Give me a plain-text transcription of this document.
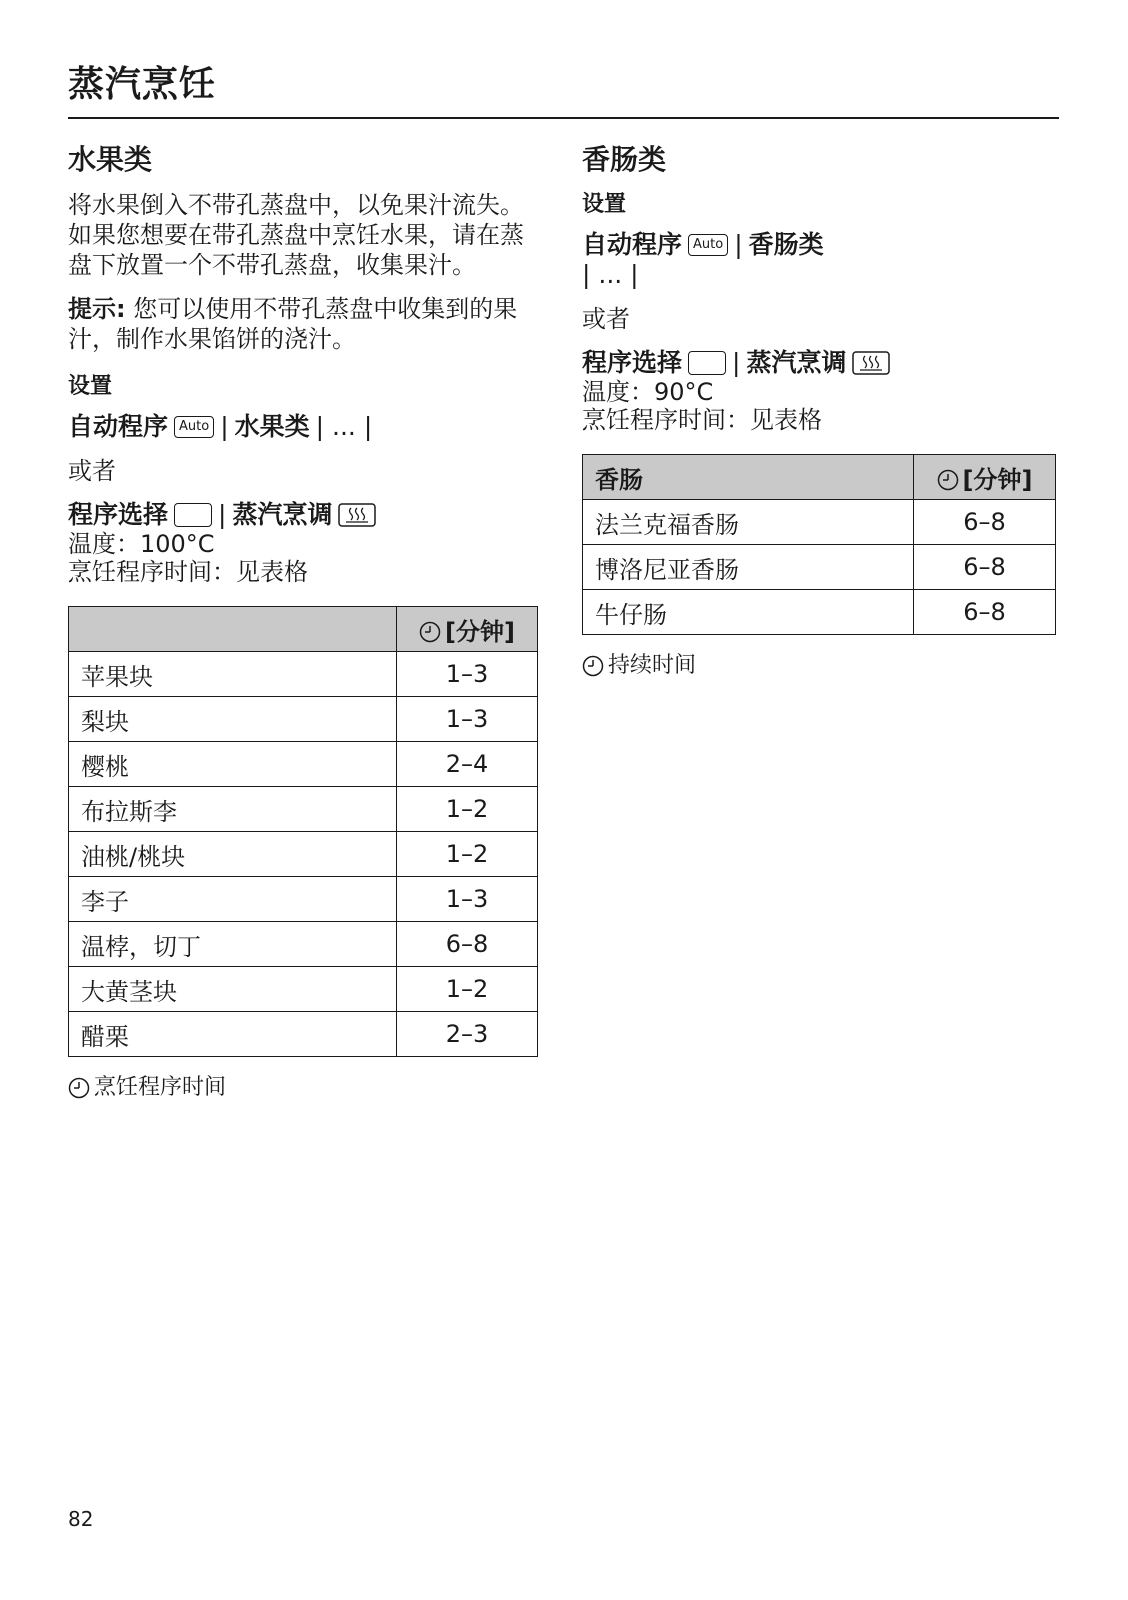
蒸汽烹饪
水果类

将水果倒入不带孔蒸盘中，以免果汁流失。如果您想要在带孔蒸盘中烹饪水果，请在蒸盘下放置一个不带孔蒸盘，收集果汁。

提示: 您可以使用不带孔蒸盘中收集到的果汁，制作水果馅饼的浇汁。

设置

自动程序 Auto | 水果类 | ... |

或者

程序选择 | 蒸汽烹调

温度：100°C

烹饪程序时间：见表格

	[分钟]
苹果块	1–3
梨块	1–3
樱桃	2–4
布拉斯李	1–2
油桃/桃块	1–2
李子	1–3
温桲，切丁	6–8
大黄茎块	1–2
醋栗	2–3
烹饪程序时间
香肠类
设置

自动程序 Auto | 香肠类

| ... |

或者

程序选择 | 蒸汽烹调

温度：90°C

烹饪程序时间：见表格

香肠	[分钟]
法兰克福香肠	6–8
博洛尼亚香肠	6–8
牛仔肠	6–8
持续时间
82
